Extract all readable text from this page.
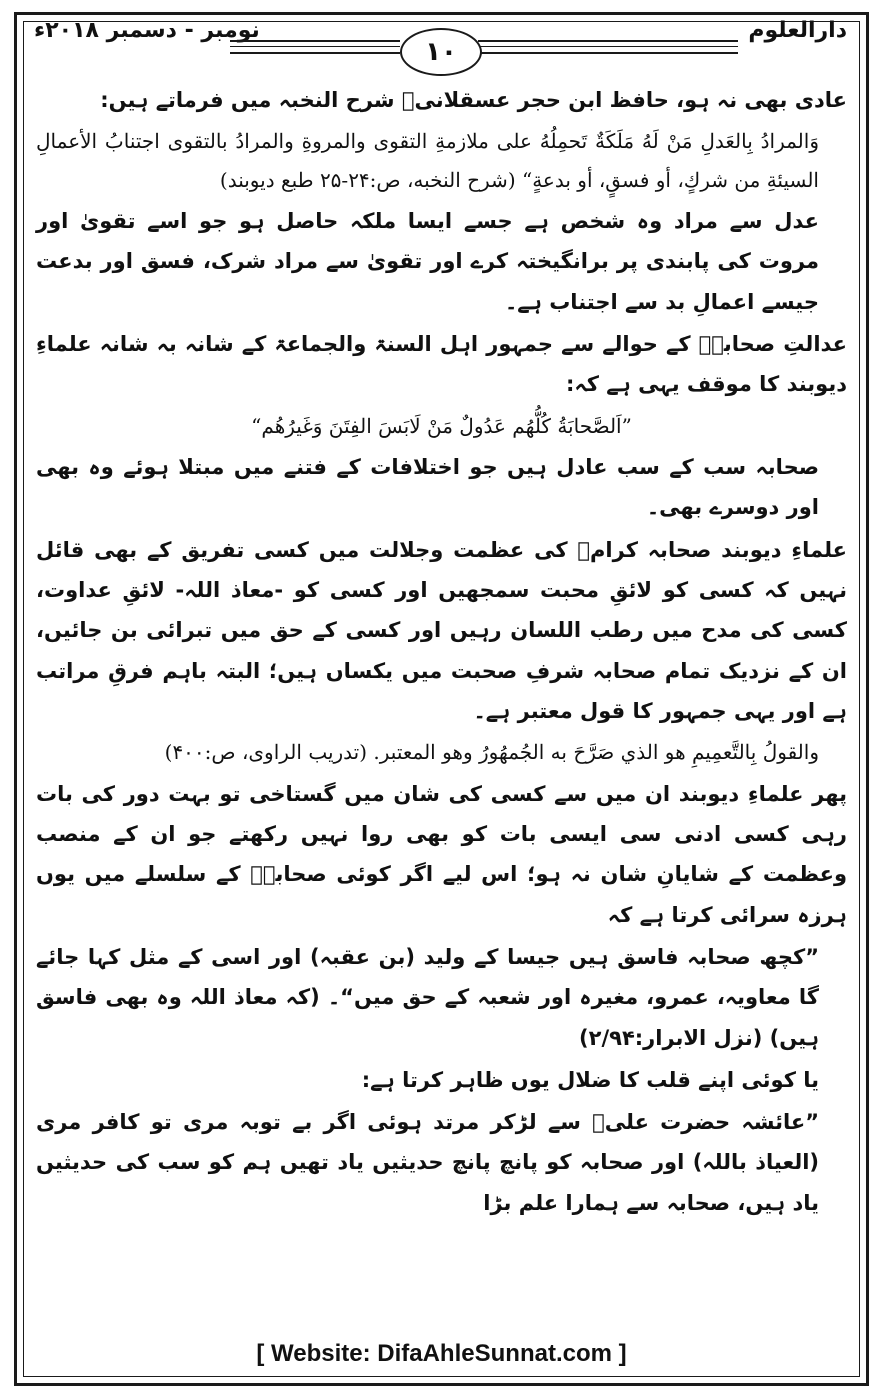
دارالعلوم
نومبر - دسمبر ۲۰۱۸ء
۱۰

عادی بھی نہ ہو، حافظ ابن حجر عسقلانیؒ شرح النخبہ میں فرماتے ہیں:

وَالمرادُ بِالعَدلِ مَنْ لَهُ مَلَكَةٌ تَحمِلُهُ على ملازمةِ التقوى والمروةِ والمرادُ بالتقوى اجتنابُ الأعمالِ السيئةِ من شركٍ، أو فسقٍ، أو بدعةٍ“ (شرح النخبه، ص:۲۴-۲۵ طبع ديوبند)

عدل سے مراد وہ شخص ہے جسے ایسا ملکہ حاصل ہو جو اسے تقویٰ اور مروت کی پابندی پر برانگیختہ کرے اور تقویٰ سے مراد شرک، فسق اور بدعت جیسے اعمالِ بد سے اجتناب ہے۔

عدالتِ صحابہؓ کے حوالے سے جمہور اہل السنۃ والجماعۃ کے شانہ بہ شانہ علماءِ دیوبند کا موقف یہی ہے کہ:

”اَلصَّحابَةُ كُلُّهُم عَدُولٌ مَنْ لَابَسَ الفِتَنَ وَغَيرُهُم“

صحابہ سب کے سب عادل ہیں جو اختلافات کے فتنے میں مبتلا ہوئے وہ بھی اور دوسرے بھی۔

علماءِ دیوبند صحابہ کرامؓ کی عظمت وجلالت میں کسی تفریق کے بھی قائل نہیں کہ کسی کو لائقِ محبت سمجھیں اور کسی کو -معاذ اللہ- لائقِ عداوت، کسی کی مدح میں رطب اللسان رہیں اور کسی کے حق میں تبرائی بن جائیں، ان کے نزدیک تمام صحابہ شرفِ صحبت میں یکساں ہیں؛ البتہ باہم فرقِ مراتب ہے اور یہی جمہور کا قول معتبر ہے۔

والقولُ بِالتَّعمِيمِ هو الذي صَرَّحَ به الجُمهُورُ وهو المعتبر. (تدريب الراوى، ص:۴۰۰)

پھر علماءِ دیوبند ان میں سے کسی کی شان میں گستاخی تو بہت دور کی بات رہی کسی ادنی سی ایسی بات کو بھی روا نہیں رکھتے جو ان کے منصب وعظمت کے شایانِ شان نہ ہو؛ اس لیے اگر کوئی صحابہؓ کے سلسلے میں یوں ہرزہ سرائی کرتا ہے کہ

”کچھ صحابہ فاسق ہیں جیسا کے ولید (بن عقبہ) اور اسی کے مثل کہا جائے گا معاویہ، عمرو، مغیرہ اور شعبہ کے حق میں“۔ (کہ معاذ اللہ وہ بھی فاسق ہیں) (نزل الابرار:۲/۹۴)

یا کوئی اپنے قلب کا ضلال یوں ظاہر کرتا ہے:

”عائشہ حضرت علیؓ سے لڑکر مرتد ہوئی اگر بے توبہ مری تو کافر مری (العیاذ باللہ) اور صحابہ کو پانچ پانچ حدیثیں یاد تھیں ہم کو سب کی حدیثیں یاد ہیں، صحابہ سے ہمارا علم بڑا

[ Website: DifaAhleSunnat.com ]
